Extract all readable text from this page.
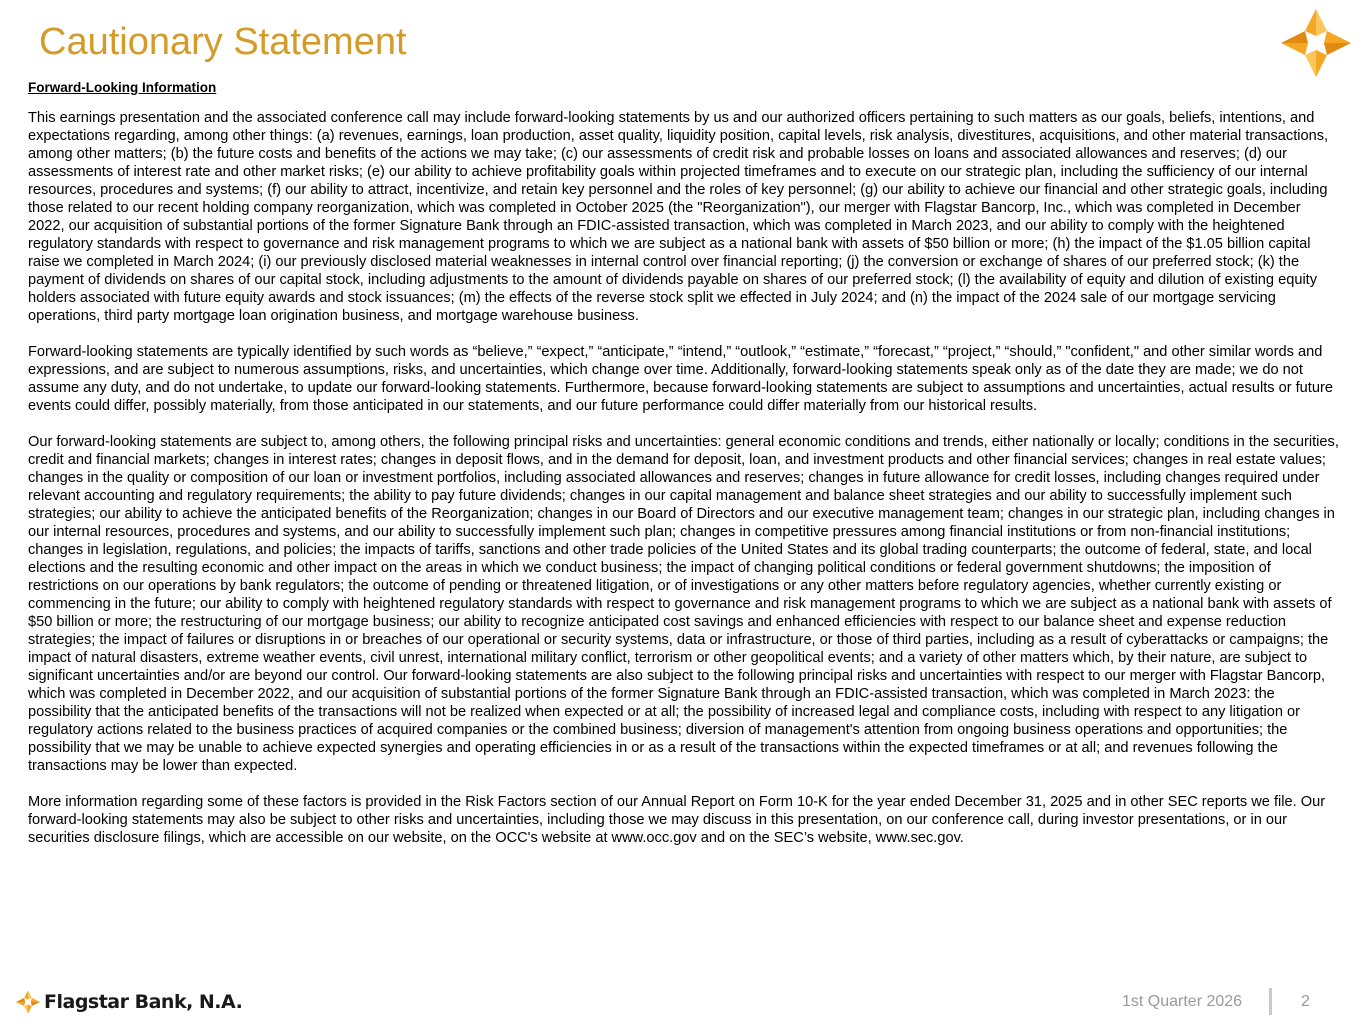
Cautionary Statement
Forward-Looking Information

This earnings presentation and the associated conference call may include forward-looking statements by us and our authorized officers pertaining to such matters as our goals, beliefs, intentions, and expectations regarding, among other things: (a) revenues, earnings, loan production, asset quality, liquidity position, capital levels, risk analysis, divestitures, acquisitions, and other material transactions, among other matters; (b) the future costs and benefits of the actions we may take; (c) our assessments of credit risk and probable losses on loans and associated allowances and reserves; (d) our assessments of interest rate and other market risks; (e) our ability to achieve profitability goals within projected timeframes and to execute on our strategic plan, including the sufficiency of our internal resources, procedures and systems; (f) our ability to attract, incentivize, and retain key personnel and the roles of key personnel; (g) our ability to achieve our financial and other strategic goals, including those related to our recent holding company reorganization, which was completed in October 2025 (the "Reorganization"), our merger with Flagstar Bancorp, Inc., which was completed in December 2022, our acquisition of substantial portions of the former Signature Bank through an FDIC-assisted transaction, which was completed in March 2023, and our ability to comply with the heightened regulatory standards with respect to governance and risk management programs to which we are subject as a national bank with assets of $50 billion or more; (h) the impact of the $1.05 billion capital raise we completed in March 2024; (i) our previously disclosed material weaknesses in internal control over financial reporting; (j) the conversion or exchange of shares of our preferred stock; (k) the payment of dividends on shares of our capital stock, including adjustments to the amount of dividends payable on shares of our preferred stock; (l) the availability of equity and dilution of existing equity holders associated with future equity awards and stock issuances; (m) the effects of the reverse stock split we effected in July 2024; and (n) the impact of the 2024 sale of our mortgage servicing operations, third party mortgage loan origination business, and mortgage warehouse business.

Forward-looking statements are typically identified by such words as “believe,” “expect,” “anticipate,” “intend,” “outlook,” “estimate,” “forecast,” “project,” “should,” "confident," and other similar words and expressions, and are subject to numerous assumptions, risks, and uncertainties, which change over time. Additionally, forward-looking statements speak only as of the date they are made; we do not assume any duty, and do not undertake, to update our forward-looking statements. Furthermore, because forward-looking statements are subject to assumptions and uncertainties, actual results or future events could differ, possibly materially, from those anticipated in our statements, and our future performance could differ materially from our historical results.

Our forward-looking statements are subject to, among others, the following principal risks and uncertainties: general economic conditions and trends, either nationally or locally; conditions in the securities, credit and financial markets; changes in interest rates; changes in deposit flows, and in the demand for deposit, loan, and investment products and other financial services; changes in real estate values; changes in the quality or composition of our loan or investment portfolios, including associated allowances and reserves; changes in future allowance for credit losses, including changes required under relevant accounting and regulatory requirements; the ability to pay future dividends; changes in our capital management and balance sheet strategies and our ability to successfully implement such strategies; our ability to achieve the anticipated benefits of the Reorganization; changes in our Board of Directors and our executive management team; changes in our strategic plan, including changes in our internal resources, procedures and systems, and our ability to successfully implement such plan; changes in competitive pressures among financial institutions or from non-financial institutions; changes in legislation, regulations, and policies; the impacts of tariffs, sanctions and other trade policies of the United States and its global trading counterparts; the outcome of federal, state, and local elections and the resulting economic and other impact on the areas in which we conduct business; the impact of changing political conditions or federal government shutdowns; the imposition of restrictions on our operations by bank regulators; the outcome of pending or threatened litigation, or of investigations or any other matters before regulatory agencies, whether currently existing or commencing in the future; our ability to comply with heightened regulatory standards with respect to governance and risk management programs to which we are subject as a national bank with assets of $50 billion or more; the restructuring of our mortgage business; our ability to recognize anticipated cost savings and enhanced efficiencies with respect to our balance sheet and expense reduction strategies; the impact of failures or disruptions in or breaches of our operational or security systems, data or infrastructure, or those of third parties, including as a result of cyberattacks or campaigns; the impact of natural disasters, extreme weather events, civil unrest, international military conflict, terrorism or other geopolitical events; and a variety of other matters which, by their nature, are subject to significant uncertainties and/or are beyond our control. Our forward-looking statements are also subject to the following principal risks and uncertainties with respect to our merger with Flagstar Bancorp, which was completed in December 2022, and our acquisition of substantial portions of the former Signature Bank through an FDIC-assisted transaction, which was completed in March 2023: the possibility that the anticipated benefits of the transactions will not be realized when expected or at all; the possibility of increased legal and compliance costs, including with respect to any litigation or regulatory actions related to the business practices of acquired companies or the combined business; diversion of management's attention from ongoing business operations and opportunities; the possibility that we may be unable to achieve expected synergies and operating efficiencies in or as a result of the transactions within the expected timeframes or at all; and revenues following the transactions may be lower than expected.

More information regarding some of these factors is provided in the Risk Factors section of our Annual Report on Form 10-K for the year ended December 31, 2025 and in other SEC reports we file. Our forward-looking statements may also be subject to other risks and uncertainties, including those we may discuss in this presentation, on our conference call, during investor presentations, or in our securities disclosure filings, which are accessible on our website, on the OCC's website at www.occ.gov and on the SEC’s website, www.sec.gov.

Flagstar Bank, N.A.	1st Quarter 2026	2
